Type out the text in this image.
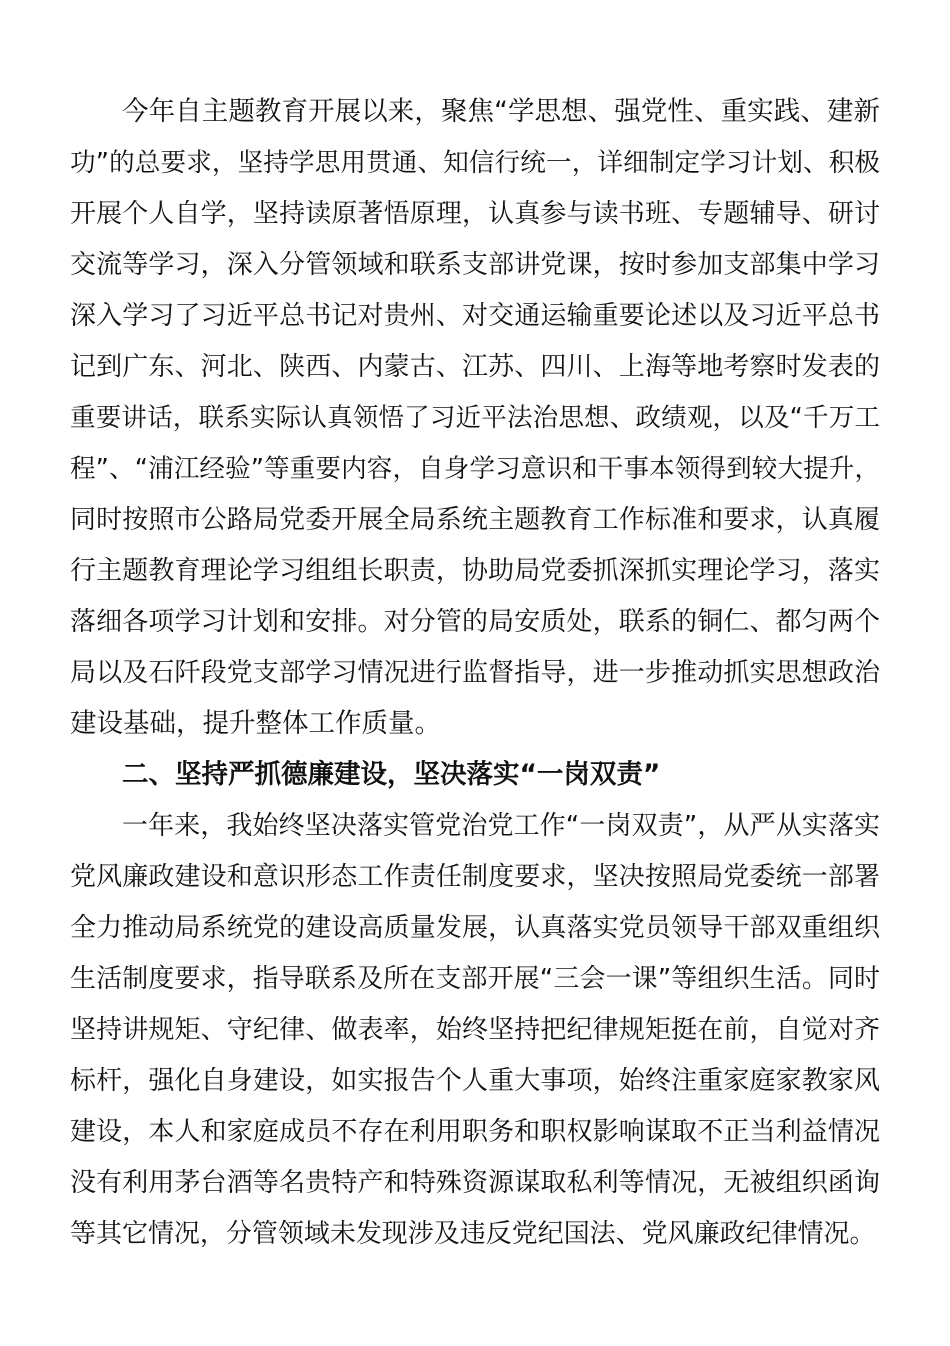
今年自主题教育开展以来，聚焦“学思想、强党性、重实践、建新
功”的总要求，坚持学思用贯通、知信行统一，详细制定学习计划、积极
开展个人自学，坚持读原著悟原理，认真参与读书班、专题辅导、研讨
交流等学习，深入分管领域和联系支部讲党课，按时参加支部集中学习
深入学习了习近平总书记对贵州、对交通运输重要论述以及习近平总书
记到广东、河北、陕西、内蒙古、江苏、四川、上海等地考察时发表的
重要讲话，联系实际认真领悟了习近平法治思想、政绩观，以及“千万工
程”、“浦江经验”等重要内容，自身学习意识和干事本领得到较大提升，
同时按照市公路局党委开展全局系统主题教育工作标准和要求，认真履
行主题教育理论学习组组长职责，协助局党委抓深抓实理论学习，落实
落细各项学习计划和安排。对分管的局安质处，联系的铜仁、都匀两个
局以及石阡段党支部学习情况进行监督指导，进一步推动抓实思想政治
建设基础，提升整体工作质量。
二、坚持严抓德廉建设，坚决落实“一岗双责”
一年来，我始终坚决落实管党治党工作“一岗双责”，从严从实落实
党风廉政建设和意识形态工作责任制度要求，坚决按照局党委统一部署
全力推动局系统党的建设高质量发展，认真落实党员领导干部双重组织
生活制度要求，指导联系及所在支部开展“三会一课”等组织生活。同时
坚持讲规矩、守纪律、做表率，始终坚持把纪律规矩挺在前，自觉对齐
标杆，强化自身建设，如实报告个人重大事项，始终注重家庭家教家风
建设，本人和家庭成员不存在利用职务和职权影响谋取不正当利益情况
没有利用茅台酒等名贵特产和特殊资源谋取私利等情况，无被组织函询
等其它情况，分管领域未发现涉及违反党纪国法、党风廉政纪律情况。
